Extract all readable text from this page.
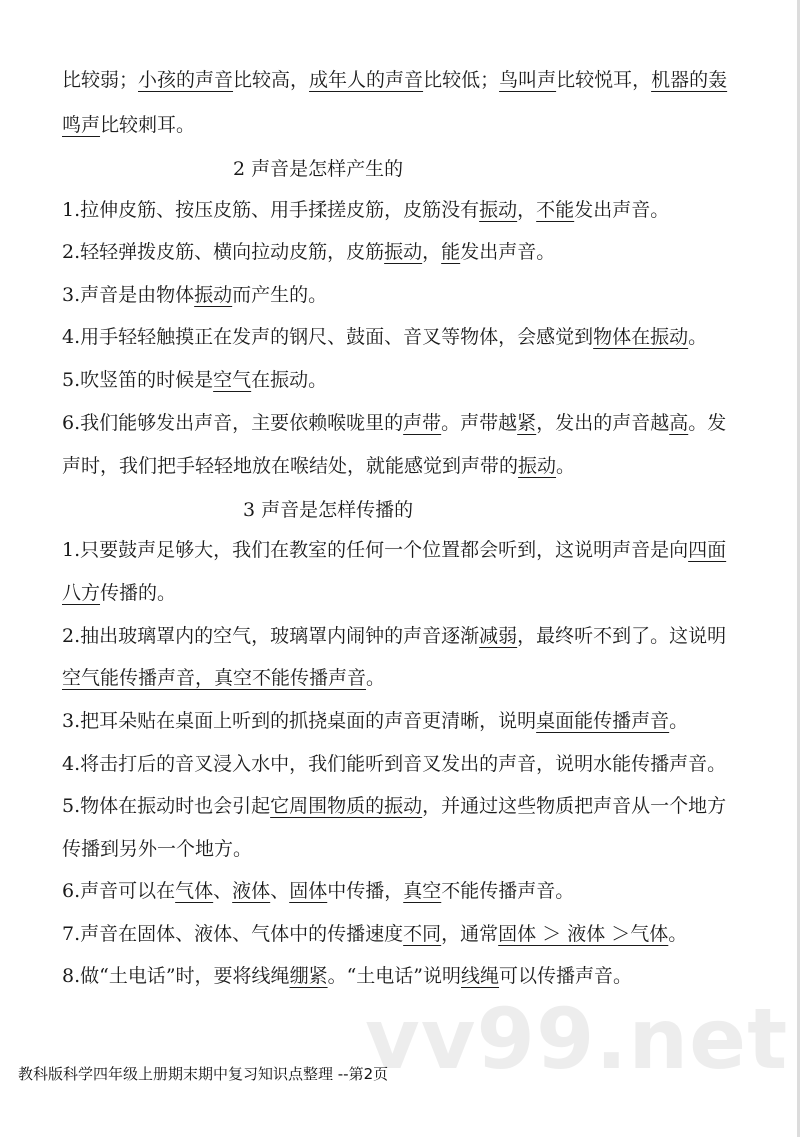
比较弱；小孩的声音比较高，成年人的声音比较低；鸟叫声比较悦耳，机器的轰
鸣声比较刺耳。
2 声音是怎样产生的
1.拉伸皮筋、按压皮筋、用手揉搓皮筋，皮筋没有振动，不能发出声音。
2.轻轻弹拨皮筋、横向拉动皮筋，皮筋振动，能发出声音。
3.声音是由物体振动而产生的。
4.用手轻轻触摸正在发声的钢尺、鼓面、音叉等物体，会感觉到物体在振动。
5.吹竖笛的时候是空气在振动。
6.我们能够发出声音，主要依赖喉咙里的声带。声带越紧，发出的声音越高。发
声时，我们把手轻轻地放在喉结处，就能感觉到声带的振动。
3 声音是怎样传播的
1.只要鼓声足够大，我们在教室的任何一个位置都会听到，这说明声音是向四面
八方传播的。
2.抽出玻璃罩内的空气，玻璃罩内闹钟的声音逐渐减弱，最终听不到了。这说明
空气能传播声音，真空不能传播声音。
3.把耳朵贴在桌面上听到的抓挠桌面的声音更清晰，说明桌面能传播声音。
4.将击打后的音叉浸入水中，我们能听到音叉发出的声音，说明水能传播声音。
5.物体在振动时也会引起它周围物质的振动，并通过这些物质把声音从一个地方
传播到另外一个地方。
6.声音可以在气体、液体、固体中传播，真空不能传播声音。
7.声音在固体、液体、气体中的传播速度不同，通常固体 ＞ 液体 ＞气体。
8.做“土电话”时，要将线绳绷紧。“土电话”说明线绳可以传播声音。
vv99.net
教科版科学四年级上册期末期中复习知识点整理 --第2页
